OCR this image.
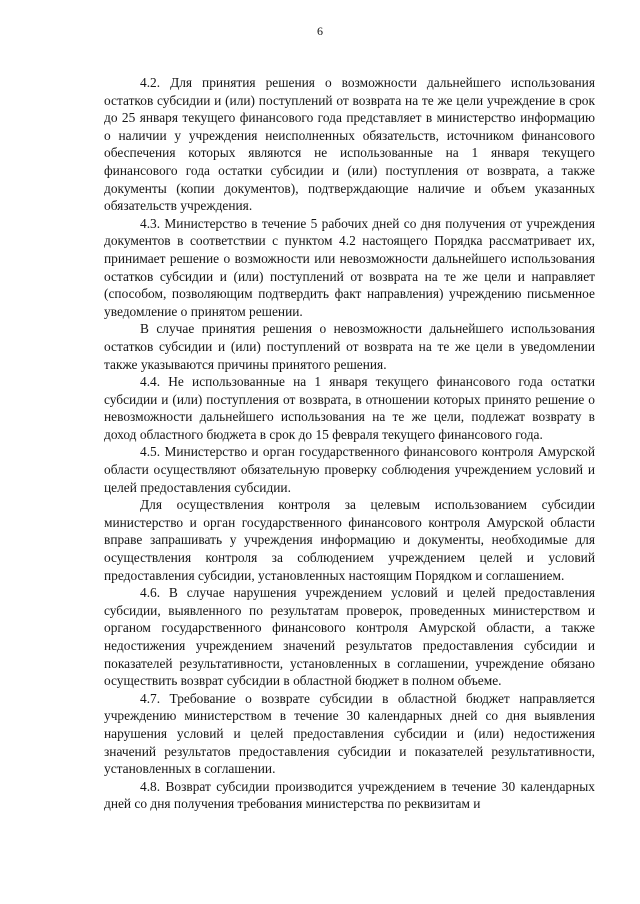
6

4.2. Для принятия решения о возможности дальнейшего использования остатков субсидии и (или) поступлений от возврата на те же цели учреждение в срок до 25 января текущего финансового года представляет в министерство информацию о наличии у учреждения неисполненных обязательств, источником финансового обеспечения которых являются не использованные на 1 января текущего финансового года остатки субсидии и (или) поступления от возврата, а также документы (копии документов), подтверждающие наличие и объем указанных обязательств учреждения.

4.3. Министерство в течение 5 рабочих дней со дня получения от учреждения документов в соответствии с пунктом 4.2 настоящего Порядка рассматривает их, принимает решение о возможности или невозможности дальнейшего использования остатков субсидии и (или) поступлений от возврата на те же цели и направляет (способом, позволяющим подтвердить факт направления) учреждению письменное уведомление о принятом решении.

В случае принятия решения о невозможности дальнейшего использования остатков субсидии и (или) поступлений от возврата на те же цели в уведомлении также указываются причины принятого решения.

4.4. Не использованные на 1 января текущего финансового года остатки субсидии и (или) поступления от возврата, в отношении которых принято решение о невозможности дальнейшего использования на те же цели, подлежат возврату в доход областного бюджета в срок до 15 февраля текущего финансового года.

4.5. Министерство и орган государственного финансового контроля Амурской области осуществляют обязательную проверку соблюдения учреждением условий и целей предоставления субсидии.

Для осуществления контроля за целевым использованием субсидии министерство и орган государственного финансового контроля Амурской области вправе запрашивать у учреждения информацию и документы, необходимые для осуществления контроля за соблюдением учреждением целей и условий предоставления субсидии, установленных настоящим Порядком и соглашением.

4.6. В случае нарушения учреждением условий и целей предоставления субсидии, выявленного по результатам проверок, проведенных министерством и органом государственного финансового контроля Амурской области, а также недостижения учреждением значений результатов предоставления субсидии и показателей результативности, установленных в соглашении, учреждение обязано осуществить возврат субсидии в областной бюджет в полном объеме.

4.7. Требование о возврате субсидии в областной бюджет направляется учреждению министерством в течение 30 календарных дней со дня выявления нарушения условий и целей предоставления субсидии и (или) недостижения значений результатов предоставления субсидии и показателей результативности, установленных в соглашении.

4.8. Возврат субсидии производится учреждением в течение 30 календарных дней со дня получения требования министерства по реквизитам и
